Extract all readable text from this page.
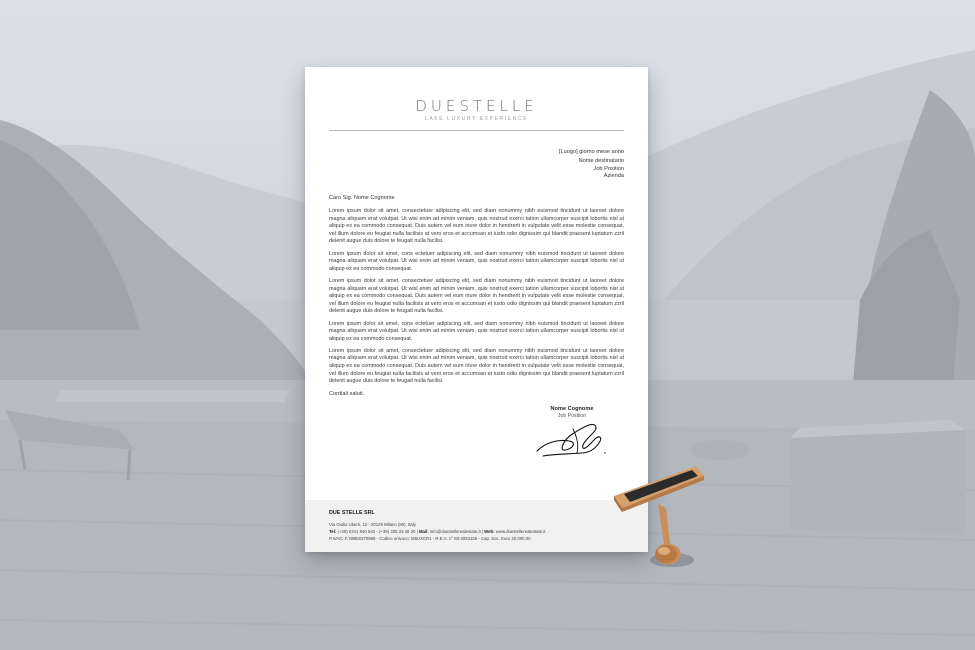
DUESTELLE
LAKE LUXURY EXPERIENCE
[Luogo] giorno mese anno
Nome destinatario
Job Position
Azienda
Caro Sig. Nome Cognome

Lorem ipsum dolor sit amet, consectetuer adipiscing elit, sed diam nonummy nibh euismod tincidunt ut laoreet dolore magna aliquam erat volutpat. Ut wisi enim ad minim veniam, quis nostrud exerci tation ullamcorper suscipit lobortis nisl ut aliquip ex ea commodo consequat. Duis autem vel eum iriure dolor in hendrerit in vulputate velit esse molestie consequat, vel illum dolore eu feugiat nulla facilisis at vero eros et accumsan et iusto odio dignissim qui blandit praesent luptatum zzril delenit augue duis dolore te feugait nulla facilisi.

Lorem ipsum dolor sit amet, cons ectetuer adipiscing elit, sed diam nonummy nibh euismod tincidunt ut laoreet dolore magna aliquam erat volutpat. Ut wisi enim ad minim veniam, quis nostrud exerci tation ullamcorper suscipit lobortis nisl ut aliquip ex ea commodo consequat.

Lorem ipsum dolor sit amet, consectetuer adipiscing elit, sed diam nonummy nibh euismod tincidunt ut laoreet dolore magna aliquam erat volutpat. Ut wisi enim ad minim veniam, quis nostrud exerci tation ullamcorper suscipit lobortis nisl ut aliquip ex ea commodo consequat. Duis autem vel eum iriure dolor in hendrerit in vulputate velit esse molestie consequat, vel illum dolore eu feugiat nulla facilisis at vero eros et accumsan et iusto odio dignissim qui blandit praesent luptatum zzril delenit augue duis dolore te feugait nulla facilisi.

Lorem ipsum dolor sit amet, cons ectetuer adipiscing elit, sed diam nonummy nibh euismod tincidunt ut laoreet dolore magna aliquam erat volutpat. Ut wisi enim ad minim veniam, quis nostrud exerci tation ullamcorper suscipit lobortis nisl ut aliquip ex ea commodo consequat.

Lorem ipsum dolor sit amet, consectetuer adipiscing elit, sed diam nonummy nibh euismod tincidunt ut laoreet dolore magna aliquam erat volutpat. Ut wisi enim ad minim veniam, quis nostrud exerci tation ullamcorper suscipit lobortis nisl ut aliquip ex ea commodo consequat. Duis autem vel eum iriure dolor in hendrerit in vulputate velit esse molestie consequat, vel illum dolore eu feugiat nulla facilisis at vero eros et accumsan et iusto odio dignissim qui blandit praesent luptatum zzril delenit augue duis dolore te feugait nulla facilisi.

Cordiali saluti.
Nome Cognome
Job Position
DUE STELLE SRL
Via Giulio Uberti, 12 - 20129 Milano (MI), Italy
Tel: (+39) 0341 940 542 - (+39) 335 33 48 30 | Mail: info@duestellerealestate.it | Web: www.duestellerealestate.it
P.IVA/C.F. 08850370969 - Codice univoco: M5UXCR1 - R.E.A. n° MI-2053155 - Cap. Soc. Euro 20.000,00
